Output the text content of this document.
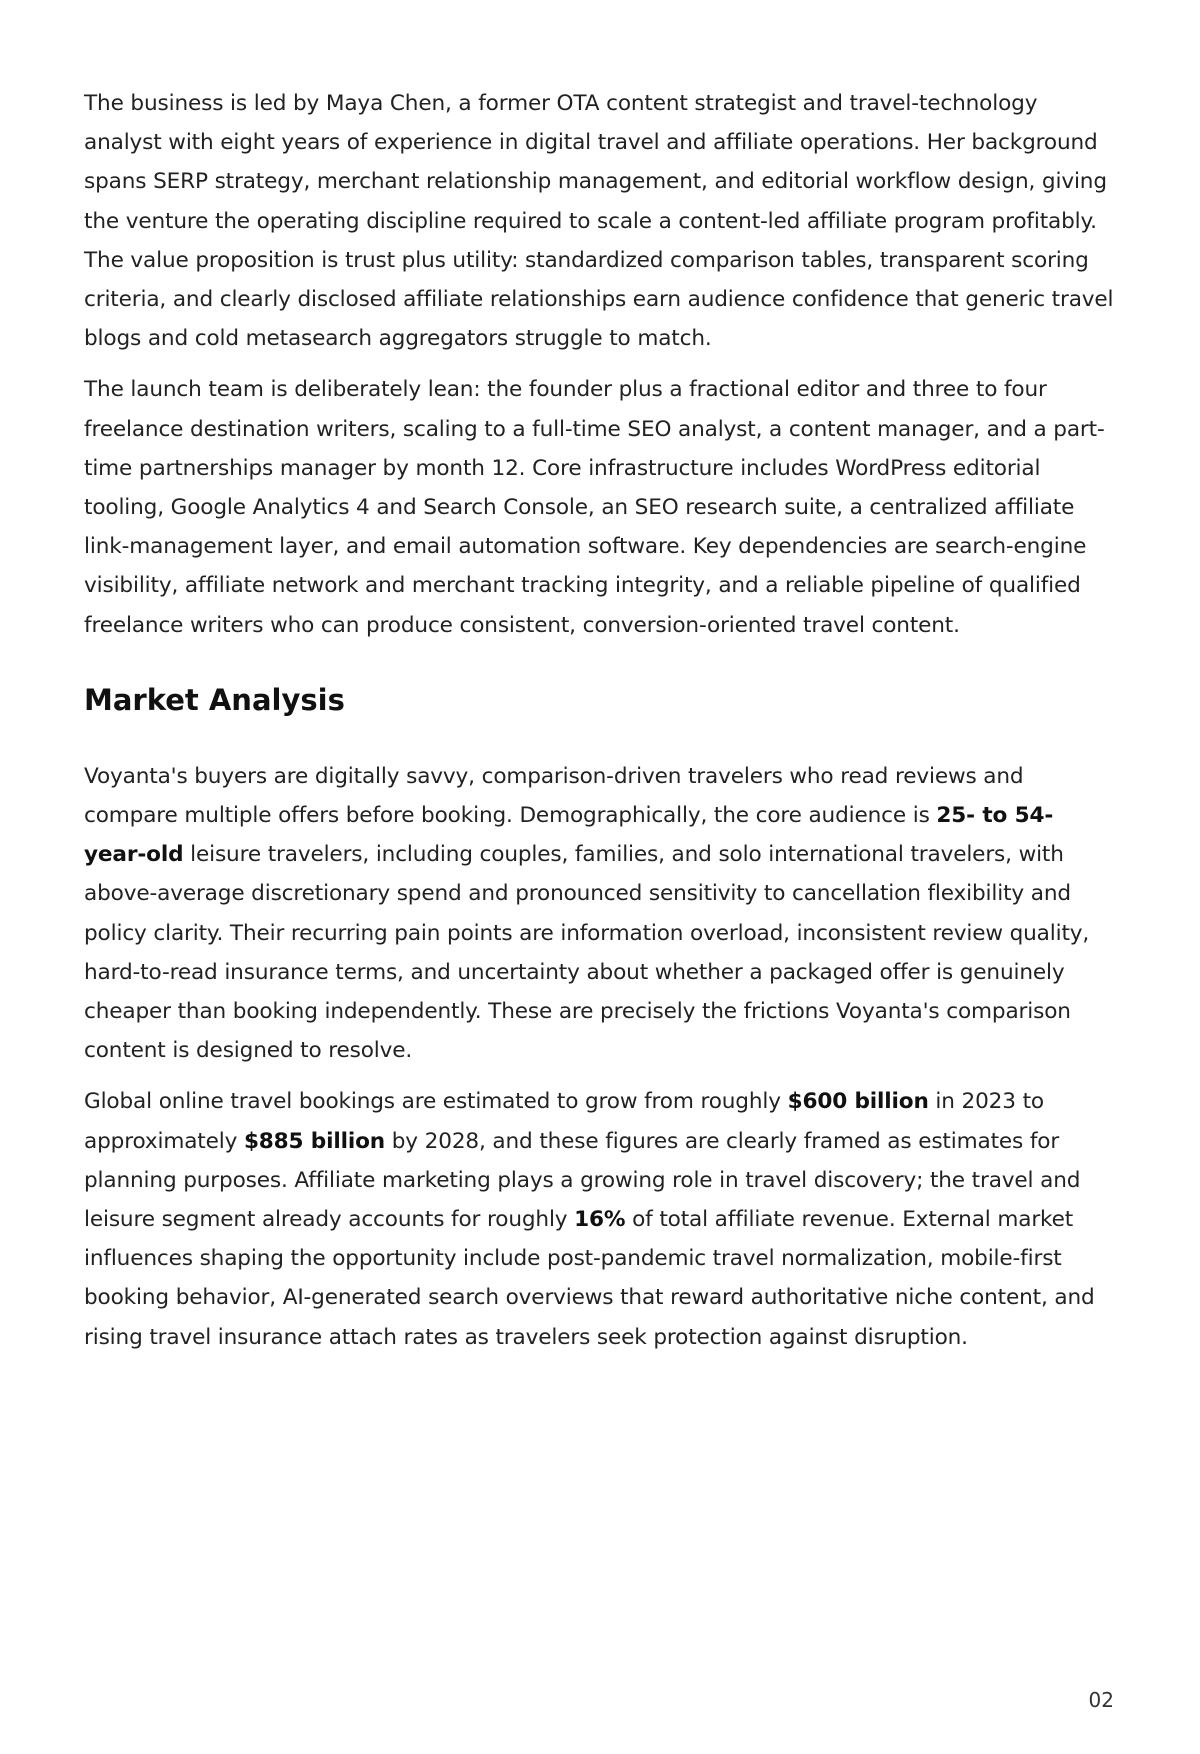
The business is led by Maya Chen, a former OTA content strategist and travel-technology analyst with eight years of experience in digital travel and affiliate operations. Her background spans SERP strategy, merchant relationship management, and editorial workflow design, giving the venture the operating discipline required to scale a content-led affiliate program profitably. The value proposition is trust plus utility: standardized comparison tables, transparent scoring criteria, and clearly disclosed affiliate relationships earn audience confidence that generic travel blogs and cold metasearch aggregators struggle to match.

The launch team is deliberately lean: the founder plus a fractional editor and three to four freelance destination writers, scaling to a full-time SEO analyst, a content manager, and a part-time partnerships manager by month 12. Core infrastructure includes WordPress editorial tooling, Google Analytics 4 and Search Console, an SEO research suite, a centralized affiliate link-management layer, and email automation software. Key dependencies are search-engine visibility, affiliate network and merchant tracking integrity, and a reliable pipeline of qualified freelance writers who can produce consistent, conversion-oriented travel content.

Market Analysis

Voyanta's buyers are digitally savvy, comparison-driven travelers who read reviews and compare multiple offers before booking. Demographically, the core audience is 25- to 54-year-old leisure travelers, including couples, families, and solo international travelers, with above-average discretionary spend and pronounced sensitivity to cancellation flexibility and policy clarity. Their recurring pain points are information overload, inconsistent review quality, hard-to-read insurance terms, and uncertainty about whether a packaged offer is genuinely cheaper than booking independently. These are precisely the frictions Voyanta's comparison content is designed to resolve.

Global online travel bookings are estimated to grow from roughly $600 billion in 2023 to approximately $885 billion by 2028, and these figures are clearly framed as estimates for planning purposes. Affiliate marketing plays a growing role in travel discovery; the travel and leisure segment already accounts for roughly 16% of total affiliate revenue. External market influences shaping the opportunity include post-pandemic travel normalization, mobile-first booking behavior, AI-generated search overviews that reward authoritative niche content, and rising travel insurance attach rates as travelers seek protection against disruption.

02
